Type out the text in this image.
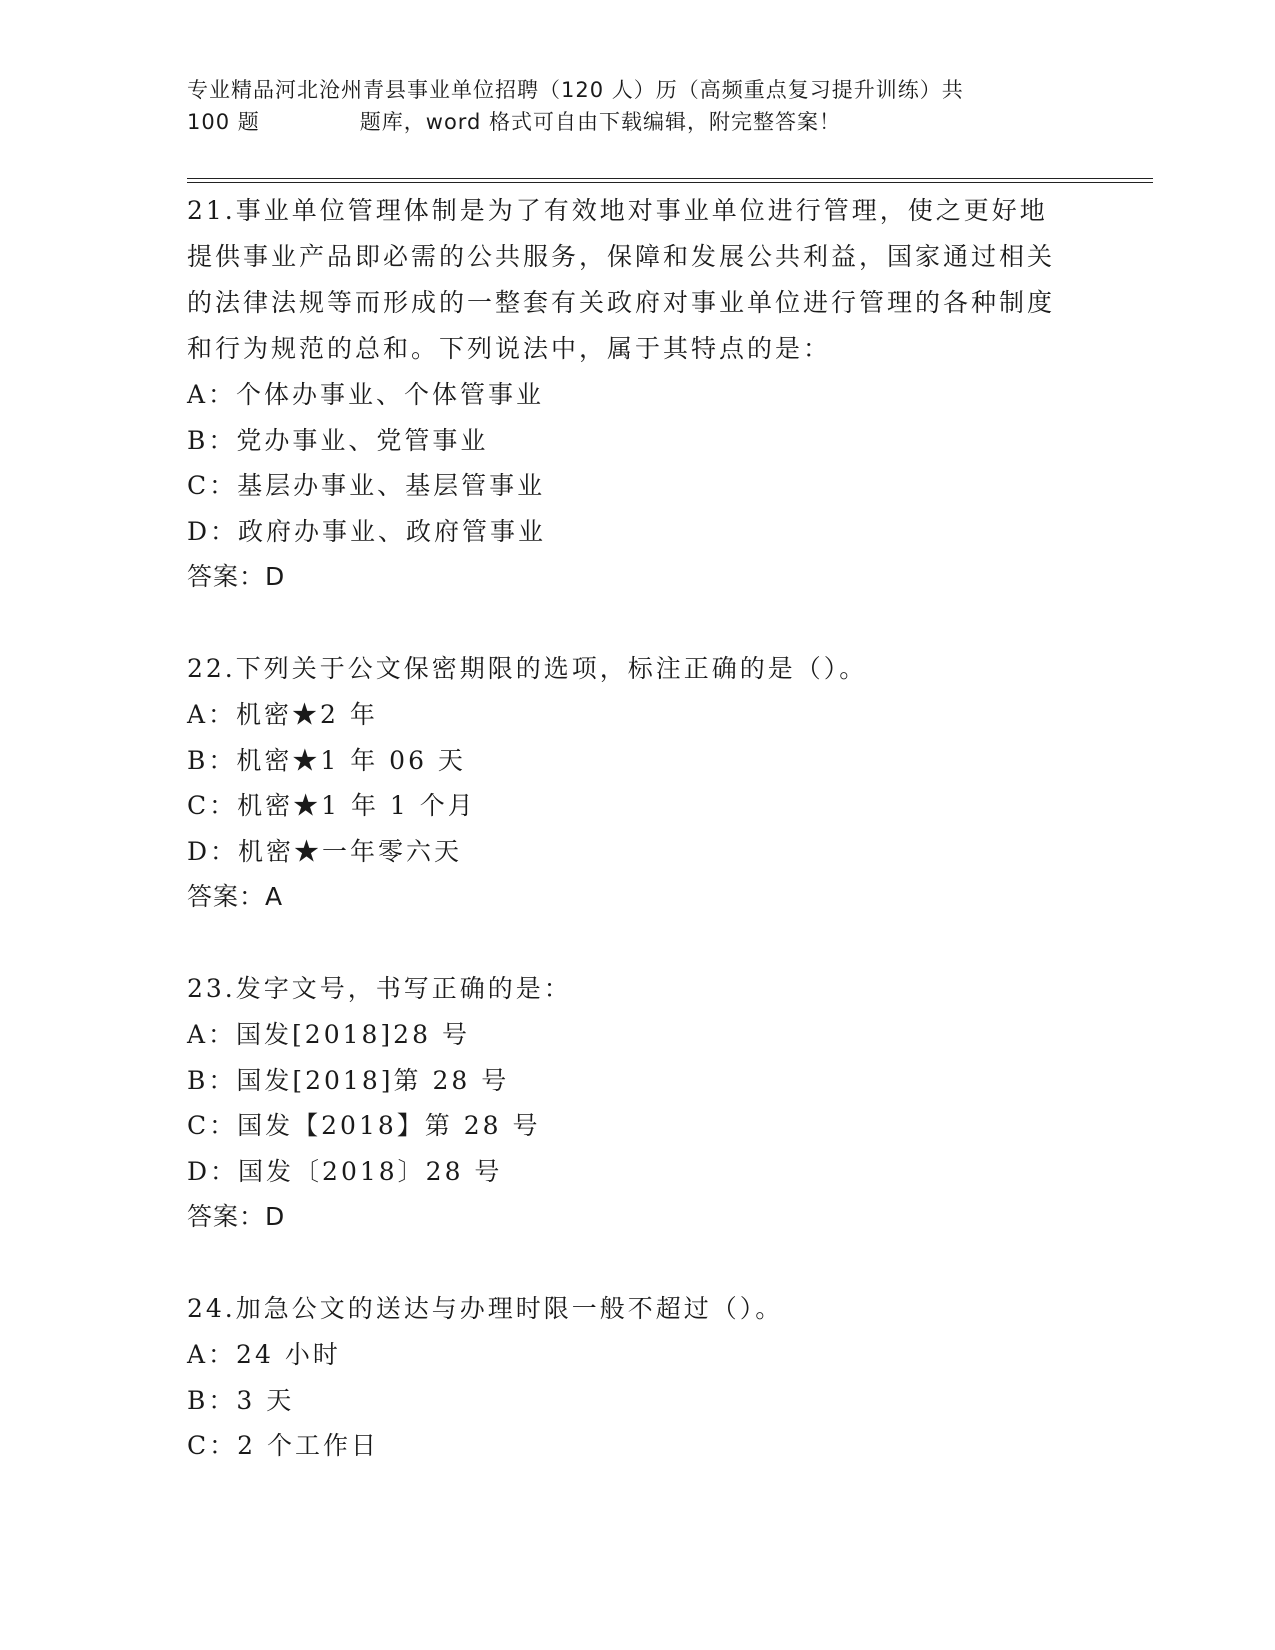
专业精品河北沧州青县事业单位招聘（120 人）历（高频重点复习提升训练）共
100 题	题库，word 格式可自由下载编辑，附完整答案！

21.事业单位管理体制是为了有效地对事业单位进行管理，使之更好地提供事业产品即必需的公共服务，保障和发展公共利益，国家通过相关的法律法规等而形成的一整套有关政府对事业单位进行管理的各种制度和行为规范的总和。下列说法中，属于其特点的是：

A：个体办事业、个体管事业

B：党办事业、党管事业

C：基层办事业、基层管事业

D：政府办事业、政府管事业

答案：D

22.下列关于公文保密期限的选项，标注正确的是（）。

A：机密★2 年

B：机密★1 年 06 天

C：机密★1 年 1 个月

D：机密★一年零六天

答案：A

23.发字文号，书写正确的是：

A：国发[2018]28 号

B：国发[2018]第 28 号

C：国发【2018】第 28 号

D：国发〔2018〕28 号

答案：D

24.加急公文的送达与办理时限一般不超过（）。

A：24 小时

B：3 天

C：2 个工作日
